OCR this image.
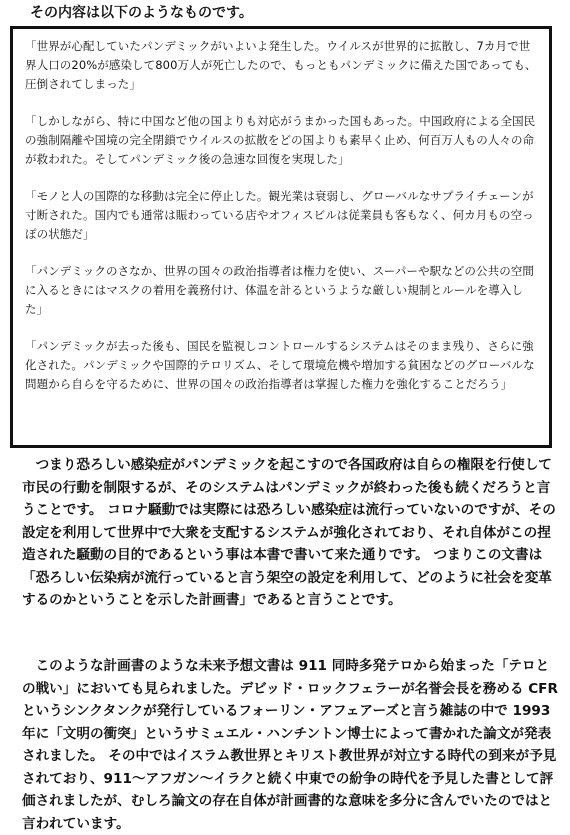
その内容は以下のようなものです。

「世界が心配していたパンデミックがいよいよ発生した。ウイルスが世界的に拡散し、7カ月で世界人口の20%が感染して800万人が死亡したので、もっともパンデミックに備えた国であっても、圧倒されてしまった」

「しかしながら、特に中国など他の国よりも対応がうまかった国もあった。中国政府による全国民の強制隔離や国境の完全閉鎖でウイルスの拡散をどの国よりも素早く止め、何百万人もの人々の命が救われた。そしてパンデミック後の急速な回復を実現した」

「モノと人の国際的な移動は完全に停止した。観光業は衰弱し、グローバルなサプライチェーンが寸断された。国内でも通常は賑わっている店やオフィスビルは従業員も客もなく、何カ月もの空っぽの状態だ」

「パンデミックのさなか、世界の国々の政治指導者は権力を使い、スーパーや駅などの公共の空間に入るときにはマスクの着用を義務付け、体温を計るというような厳しい規制とルールを導入した」

「パンデミックが去った後も、国民を監視しコントロールするシステムはそのまま残り、さらに強化された。パンデミックや国際的テロリズム、そして環境危機や増加する貧困などのグローバルな問題から自らを守るために、世界の国々の政治指導者は掌握した権力を強化することだろう」

　つまり恐ろしい感染症がパンデミックを起こすので各国政府は自らの権限を行使して市民の行動を制限するが、そのシステムはパンデミックが終わった後も続くだろうと言うことです。 コロナ騒動では実際には恐ろしい感染症は流行っていないのですが、その設定を利用して世界中で大衆を支配するシステムが強化されており、それ自体がこの捏造された騒動の目的であるという事は本書で書いて来た通りです。 つまりこの文書は「恐ろしい伝染病が流行っていると言う架空の設定を利用して、どのように社会を変革するのかということを示した計画書」であると言うことです。

　このような計画書のような未来予想文書は 911 同時多発テロから始まった「テロとの戦い」においても見られました。デビッド・ロックフェラーが名誉会長を務める CFR というシンクタンクが発行しているフォーリン・アフェアーズと言う雑誌の中で 1993 年に「文明の衝突」というサミュエル・ハンチントン博士によって書かれた論文が発表されました。 その中ではイスラム教世界とキリスト教世界が対立する時代の到来が予見されており、911～アフガン～イラクと続く中東での紛争の時代を予見した書として評価されましたが、むしろ論文の存在自体が計画書的な意味を多分に含んでいたのではと言われています。
